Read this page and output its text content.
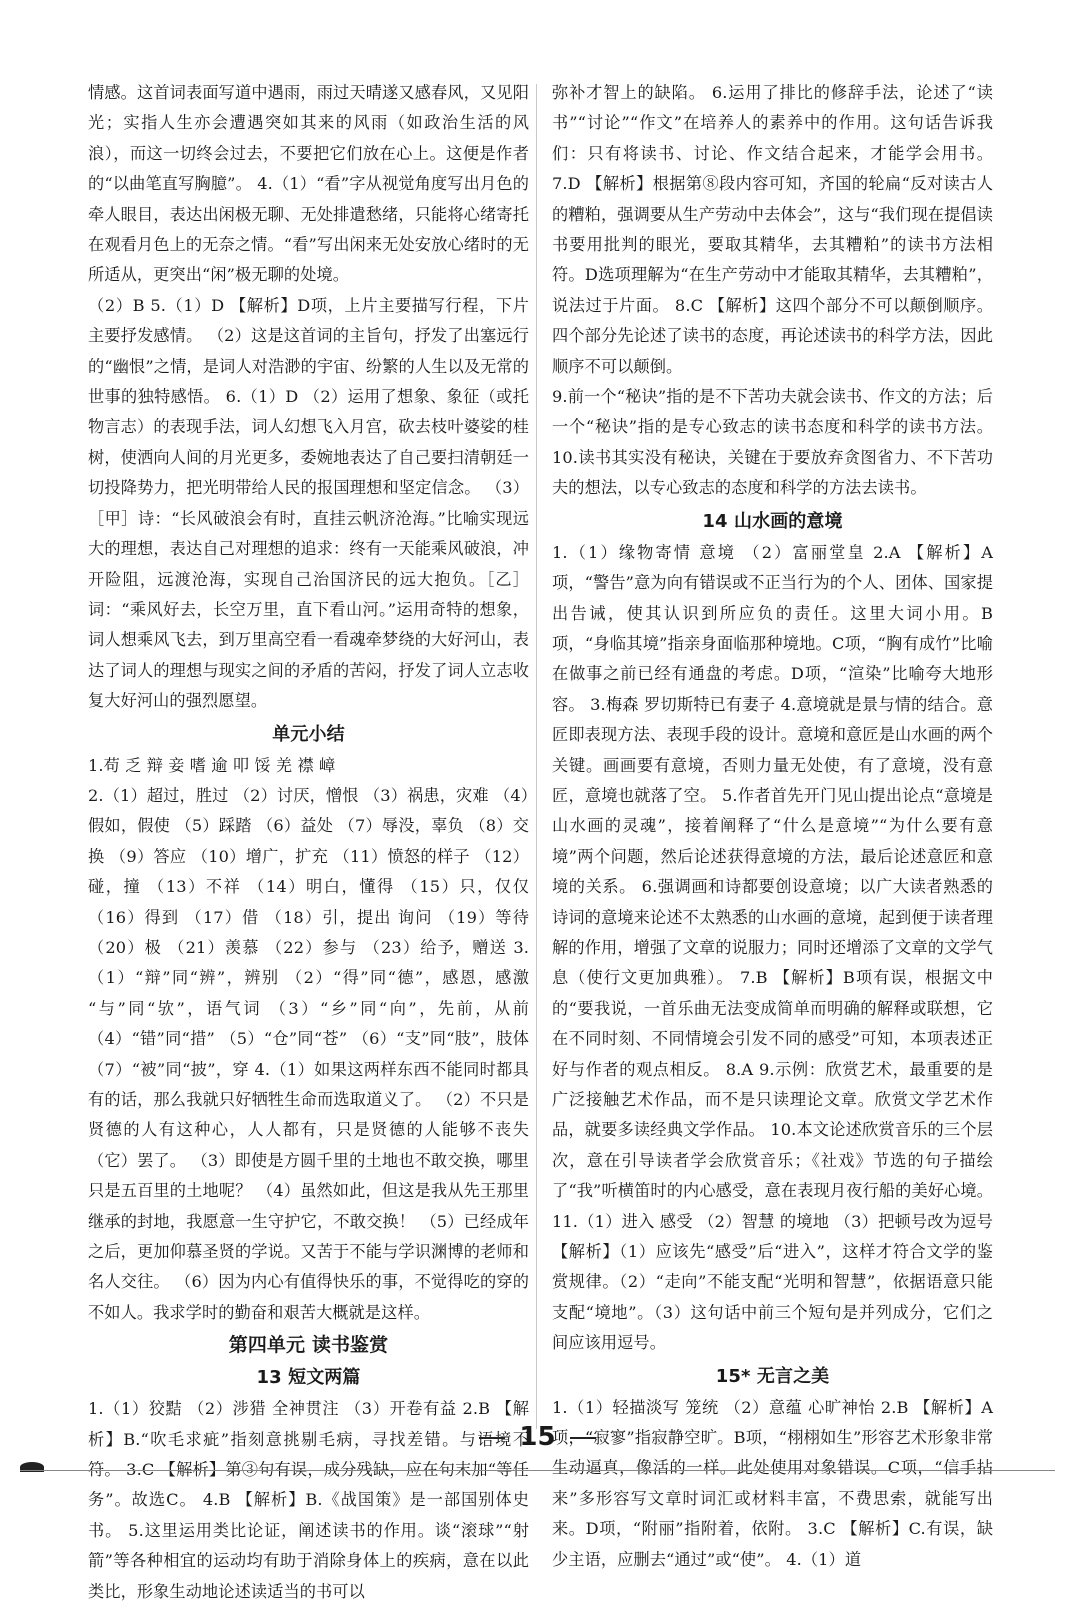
情感。这首词表面写道中遇雨，雨过天晴遂又感春风，又见阳光；实指人生亦会遭遇突如其来的风雨（如政治生活的风浪），而这一切终会过去，不要把它们放在心上。这便是作者的“以曲笔直写胸臆”。 4.（1）“看”字从视觉角度写出月色的牵人眼目，表达出闲极无聊、无处排遣愁绪，只能将心绪寄托在观看月色上的无奈之情。“看”写出闲来无处安放心绪时的无所适从，更突出“闲”极无聊的处境。

（2）B 5.（1）D 【解析】D项，上片主要描写行程，下片主要抒发感情。 （2）这是这首词的主旨句，抒发了出塞远行的“幽恨”之情，是词人对浩渺的宇宙、纷繁的人生以及无常的世事的独特感悟。 6.（1）D （2）运用了想象、象征（或托物言志）的表现手法，词人幻想飞入月宫，砍去枝叶婆娑的桂树，使洒向人间的月光更多，委婉地表达了自己要扫清朝廷一切投降势力，把光明带给人民的报国理想和坚定信念。 （3）［甲］诗：“长风破浪会有时，直挂云帆济沧海。”比喻实现远大的理想，表达自己对理想的追求：终有一天能乘风破浪，冲开险阻，远渡沧海，实现自己治国济民的远大抱负。［乙］词：“乘风好去，长空万里，直下看山河。”运用奇特的想象，词人想乘风飞去，到万里高空看一看魂牵梦绕的大好河山，表达了词人的理想与现实之间的矛盾的苦闷，抒发了词人立志收复大好河山的强烈愿望。

单元小结

1.苟 乏 辩 妾 嗜 逾 叩 馁 羌 襟 嶂

2.（1）超过，胜过 （2）讨厌，憎恨 （3）祸患，灾难 （4）假如，假使 （5）踩踏 （6）益处 （7）辱没，辜负 （8）交换 （9）答应 （10）增广，扩充 （11）愤怒的样子 （12）碰，撞 （13）不祥 （14）明白，懂得 （15）只，仅仅 （16）得到 （17）借 （18）引，提出 询问 （19）等待 （20）极 （21）羡慕 （22）参与 （23）给予，赠送 3.（1）“辩”同“辨”，辨别 （2）“得”同“德”，感恩，感激 “与”同“欤”，语气词 （3）“乡”同“向”，先前，从前 （4）“错”同“措” （5）“仓”同“苍” （6）“支”同“肢”，肢体 （7）“被”同“披”，穿 4.（1）如果这两样东西不能同时都具有的话，那么我就只好牺牲生命而选取道义了。 （2）不只是贤德的人有这种心，人人都有，只是贤德的人能够不丧失（它）罢了。 （3）即使是方圆千里的土地也不敢交换，哪里只是五百里的土地呢？ （4）虽然如此，但这是我从先王那里继承的封地，我愿意一生守护它，不敢交换！ （5）已经成年之后，更加仰慕圣贤的学说。又苦于不能与学识渊博的老师和名人交往。 （6）因为内心有值得快乐的事，不觉得吃的穿的不如人。我求学时的勤奋和艰苦大概就是这样。

第四单元 读书鉴赏
13 短文两篇

1.（1）狡黠 （2）涉猎 全神贯注 （3）开卷有益 2.B 【解析】B.“吹毛求疵”指刻意挑剔毛病，寻找差错。与语境不符。 3.C 【解析】第③句有误，成分残缺，应在句末加“等任务”。故选C。 4.B 【解析】B.《战国策》是一部国别体史书。 5.这里运用类比论证，阐述读书的作用。谈“滚球”“射箭”等各种相宜的运动均有助于消除身体上的疾病，意在以此类比，形象生动地论述读适当的书可以

弥补才智上的缺陷。 6.运用了排比的修辞手法，论述了“读书”“讨论”“作文”在培养人的素养中的作用。这句话告诉我们：只有将读书、讨论、作文结合起来，才能学会用书。 7.D 【解析】根据第⑧段内容可知，齐国的轮扁“反对读古人的糟粕，强调要从生产劳动中去体会”，这与“我们现在提倡读书要用批判的眼光，要取其精华，去其糟粕”的读书方法相符。D选项理解为“在生产劳动中才能取其精华，去其糟粕”，说法过于片面。 8.C 【解析】这四个部分不可以颠倒顺序。四个部分先论述了读书的态度，再论述读书的科学方法，因此顺序不可以颠倒。

9.前一个“秘诀”指的是不下苦功夫就会读书、作文的方法；后一个“秘诀”指的是专心致志的读书态度和科学的读书方法。 10.读书其实没有秘诀，关键在于要放弃贪图省力、不下苦功夫的想法，以专心致志的态度和科学的方法去读书。

14 山水画的意境

1.（1）缘物寄情 意境 （2）富丽堂皇 2.A 【解析】A项，“警告”意为向有错误或不正当行为的个人、团体、国家提出告诫，使其认识到所应负的责任。这里大词小用。B项，“身临其境”指亲身面临那种境地。C项，“胸有成竹”比喻在做事之前已经有通盘的考虑。D项，“渲染”比喻夸大地形容。 3.梅森 罗切斯特已有妻子 4.意境就是景与情的结合。意匠即表现方法、表现手段的设计。意境和意匠是山水画的两个关键。画画要有意境，否则力量无处使，有了意境，没有意匠，意境也就落了空。 5.作者首先开门见山提出论点“意境是山水画的灵魂”，接着阐释了“什么是意境”“为什么要有意境”两个问题，然后论述获得意境的方法，最后论述意匠和意境的关系。 6.强调画和诗都要创设意境；以广大读者熟悉的诗词的意境来论述不太熟悉的山水画的意境，起到便于读者理解的作用，增强了文章的说服力；同时还增添了文章的文学气息（使行文更加典雅）。 7.B 【解析】B项有误，根据文中的“要我说，一首乐曲无法变成简单而明确的解释或联想，它在不同时刻、不同情境会引发不同的感受”可知，本项表述正好与作者的观点相反。 8.A 9.示例：欣赏艺术，最重要的是广泛接触艺术作品，而不是只读理论文章。欣赏文学艺术作品，就要多读经典文学作品。 10.本文论述欣赏音乐的三个层次，意在引导读者学会欣赏音乐；《社戏》节选的句子描绘了“我”听横笛时的内心感受，意在表现月夜行船的美好心境。 11.（1）进入 感受 （2）智慧 的境地 （3）把顿号改为逗号 【解析】（1）应该先“感受”后“进入”，这样才符合文学的鉴赏规律。（2）“走向”不能支配“光明和智慧”，依据语意只能支配“境地”。（3）这句话中前三个短句是并列成分，它们之间应该用逗号。

15* 无言之美

1.（1）轻描淡写 笼统 （2）意蕴 心旷神怡 2.B 【解析】A项，“寂寥”指寂静空旷。B项，“栩栩如生”形容艺术形象非常生动逼真，像活的一样。此处使用对象错误。C项，“信手拈来”多形容写文章时词汇或材料丰富，不费思索，就能写出来。D项，“附丽”指附着，依附。 3.C 【解析】C.有误，缺少主语，应删去“通过”或“使”。 4.（1）道

15
